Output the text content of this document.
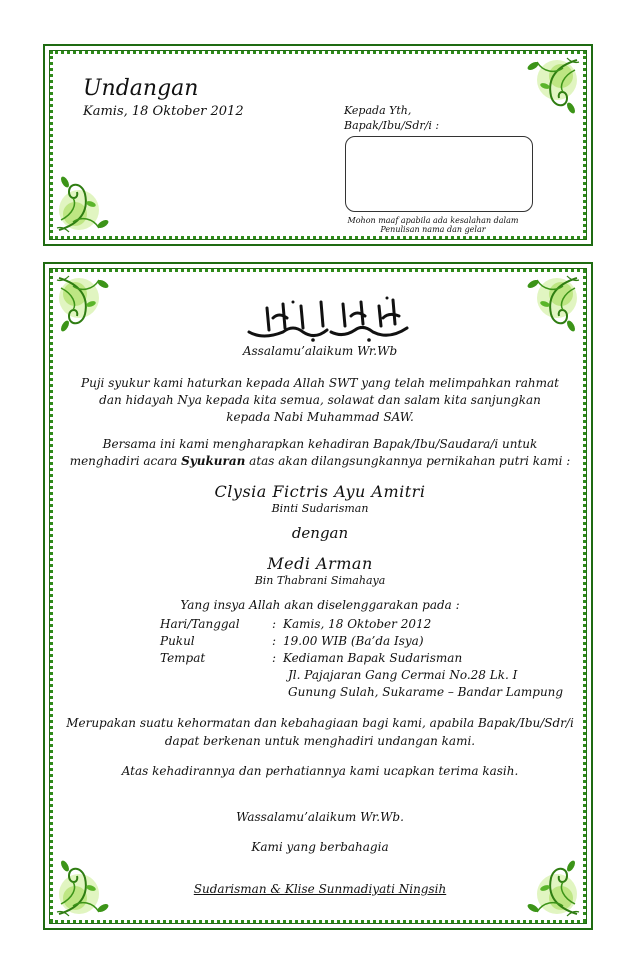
Undangan
Kamis, 18 Oktober 2012	Kepada Yth,
Bapak/Ibu/Sdr/i :
Mohon maaf apabila ada kesalahan dalam
Penulisan nama dan gelar
Assalamu’alaikum Wr.Wb
Puji syukur kami haturkan kepada Allah SWT yang telah melimpahkan rahmat
dan hidayah Nya kepada kita semua, solawat dan salam kita sanjungkan
kepada Nabi Muhammad SAW.
Bersama ini kami mengharapkan kehadiran Bapak/Ibu/Saudara/i untuk
menghadiri acara Syukuran atas akan dilangsungkannya pernikahan putri kami :
Clysia Fictris Ayu Amitri
Binti Sudarisman
dengan
Medi Arman
Bin Thabrani Simahaya
Yang insya Allah akan diselenggarakan pada :
Hari/Tanggal	: Kamis, 18 Oktober 2012
Pukul	: 19.00 WIB (Ba’da Isya)
Tempat	: Kediaman Bapak Sudarisman
Jl. Pajajaran Gang Cermai No.28 Lk. I
Gunung Sulah, Sukarame – Bandar Lampung
Merupakan suatu kehormatan dan kebahagiaan bagi kami, apabila Bapak/Ibu/Sdr/i
dapat berkenan untuk menghadiri undangan kami.
Atas kehadirannya dan perhatiannya kami ucapkan terima kasih.
Wassalamu’alaikum Wr.Wb.
Kami yang berbahagia
Sudarisman & Klise Sunmadiyati Ningsih
